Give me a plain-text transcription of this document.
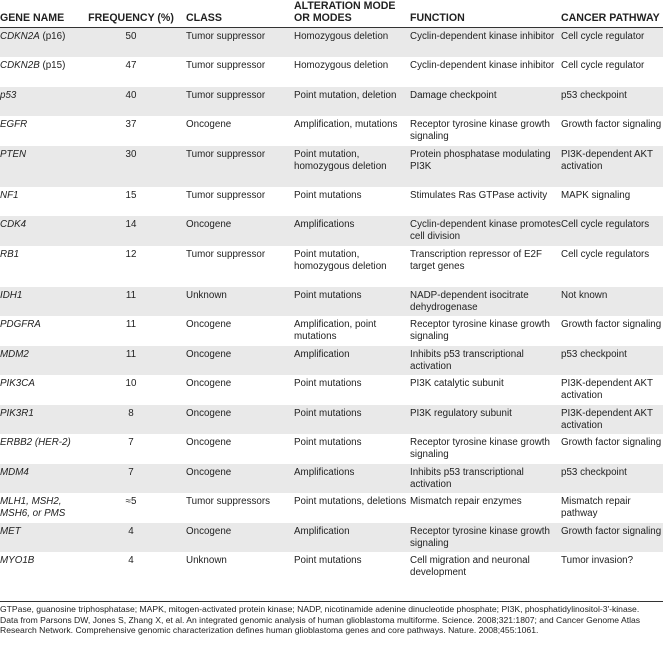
GENE NAME	FREQUENCY (%)	CLASS	ALTERATION MODE OR MODES	FUNCTION	CANCER PATHWAY
CDKN2A (p16)	50	Tumor suppressor	Homozygous deletion	Cyclin-dependent kinase inhibitor	Cell cycle regulator
CDKN2B (p15)	47	Tumor suppressor	Homozygous deletion	Cyclin-dependent kinase inhibitor	Cell cycle regulator
p53	40	Tumor suppressor	Point mutation, deletion	Damage checkpoint	p53 checkpoint
EGFR	37	Oncogene	Amplification, mutations	Receptor tyrosine kinase growth signaling	Growth factor signaling
PTEN	30	Tumor suppressor	Point mutation, homozygous deletion	Protein phosphatase modulating PI3K	PI3K-dependent AKT activation
NF1	15	Tumor suppressor	Point mutations	Stimulates Ras GTPase activity	MAPK signaling
CDK4	14	Oncogene	Amplifications	Cyclin-dependent kinase promotes cell division	Cell cycle regulators
RB1	12	Tumor suppressor	Point mutation, homozygous deletion	Transcription repressor of E2F target genes	Cell cycle regulators
IDH1	11	Unknown	Point mutations	NADP-dependent isocitrate dehydrogenase	Not known
PDGFRA	11	Oncogene	Amplification, point mutations	Receptor tyrosine kinase growth signaling	Growth factor signaling
MDM2	11	Oncogene	Amplification	Inhibits p53 transcriptional activation	p53 checkpoint
PIK3CA	10	Oncogene	Point mutations	PI3K catalytic subunit	PI3K-dependent AKT activation
PIK3R1	8	Oncogene	Point mutations	PI3K regulatory subunit	PI3K-dependent AKT activation
ERBB2 (HER-2)	7	Oncogene	Point mutations	Receptor tyrosine kinase growth signaling	Growth factor signaling
MDM4	7	Oncogene	Amplifications	Inhibits p53 transcriptional activation	p53 checkpoint
MLH1, MSH2, MSH6, or PMS	≈5	Tumor suppressors	Point mutations, deletions	Mismatch repair enzymes	Mismatch repair pathway
MET	4	Oncogene	Amplification	Receptor tyrosine kinase growth signaling	Growth factor signaling
MYO1B	4	Unknown	Point mutations	Cell migration and neuronal development	Tumor invasion?

GTPase, guanosine triphosphatase; MAPK, mitogen-activated protein kinase; NADP, nicotinamide adenine dinucleotide phosphate; PI3K, phosphatidylinositol-3′-kinase.

Data from Parsons DW, Jones S, Zhang X, et al. An integrated genomic analysis of human glioblastoma multiforme. Science. 2008;321:1807; and Cancer Genome Atlas Research Network. Comprehensive genomic characterization defines human glioblastoma genes and core pathways. Nature. 2008;455:1061.
